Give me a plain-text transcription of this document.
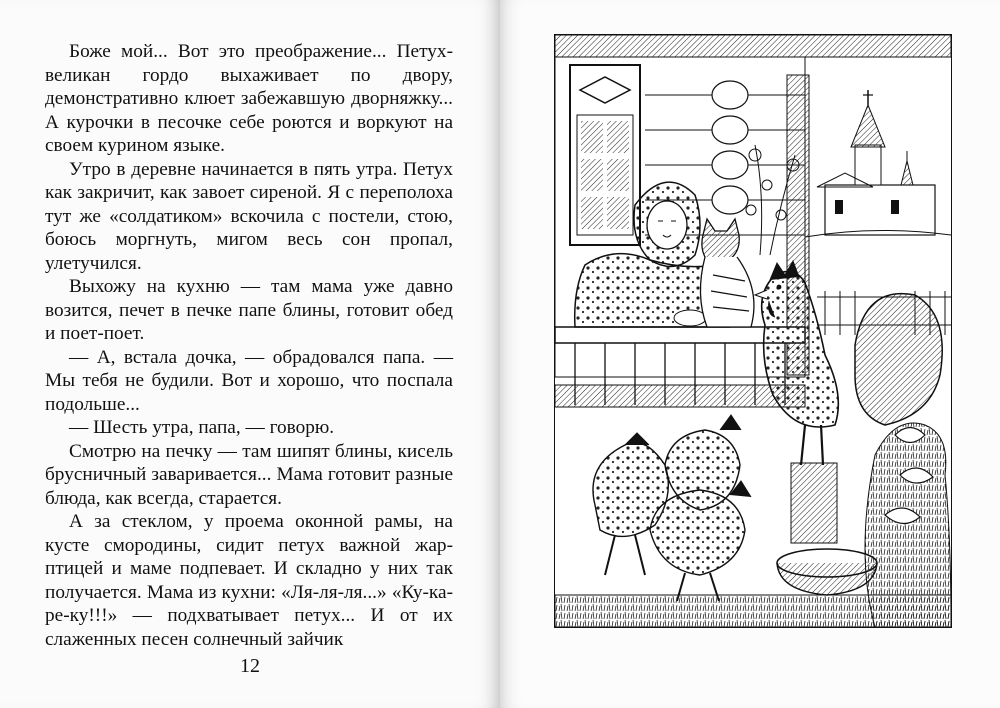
Боже мой... Вот это преображение... Петух-великан гордо выхаживает по двору, демонстративно клюет забежавшую дворняжку... А курочки в песочке себе роются и воркуют на своем курином языке.

Утро в деревне начинается в пять утра. Петух как закричит, как завоет сиреной. Я с переполоха тут же «солдатиком» вскочила с постели, стою, боюсь моргнуть, мигом весь сон пропал, улетучился.

Выхожу на кухню — там мама уже давно возится, печет в печке папе блины, готовит обед и поет-поет.

— А, встала дочка, — обрадовался папа. — Мы тебя не будили. Вот и хорошо, что поспала подольше...

— Шесть утра, папа, — говорю.

Смотрю на печку — там шипят блины, кисель брусничный заваривается... Мама готовит разные блюда, как всегда, старается.

А за стеклом, у проема оконной рамы, на кусте смородины, сидит петух важной жар-птицей и маме подпевает. И складно у них так получается. Мама из кухни: «Ля-ля-ля...» «Ку-ка-ре-ку!!!» — подхватывает петух... И от их слаженных песен солнечный зайчик

12
